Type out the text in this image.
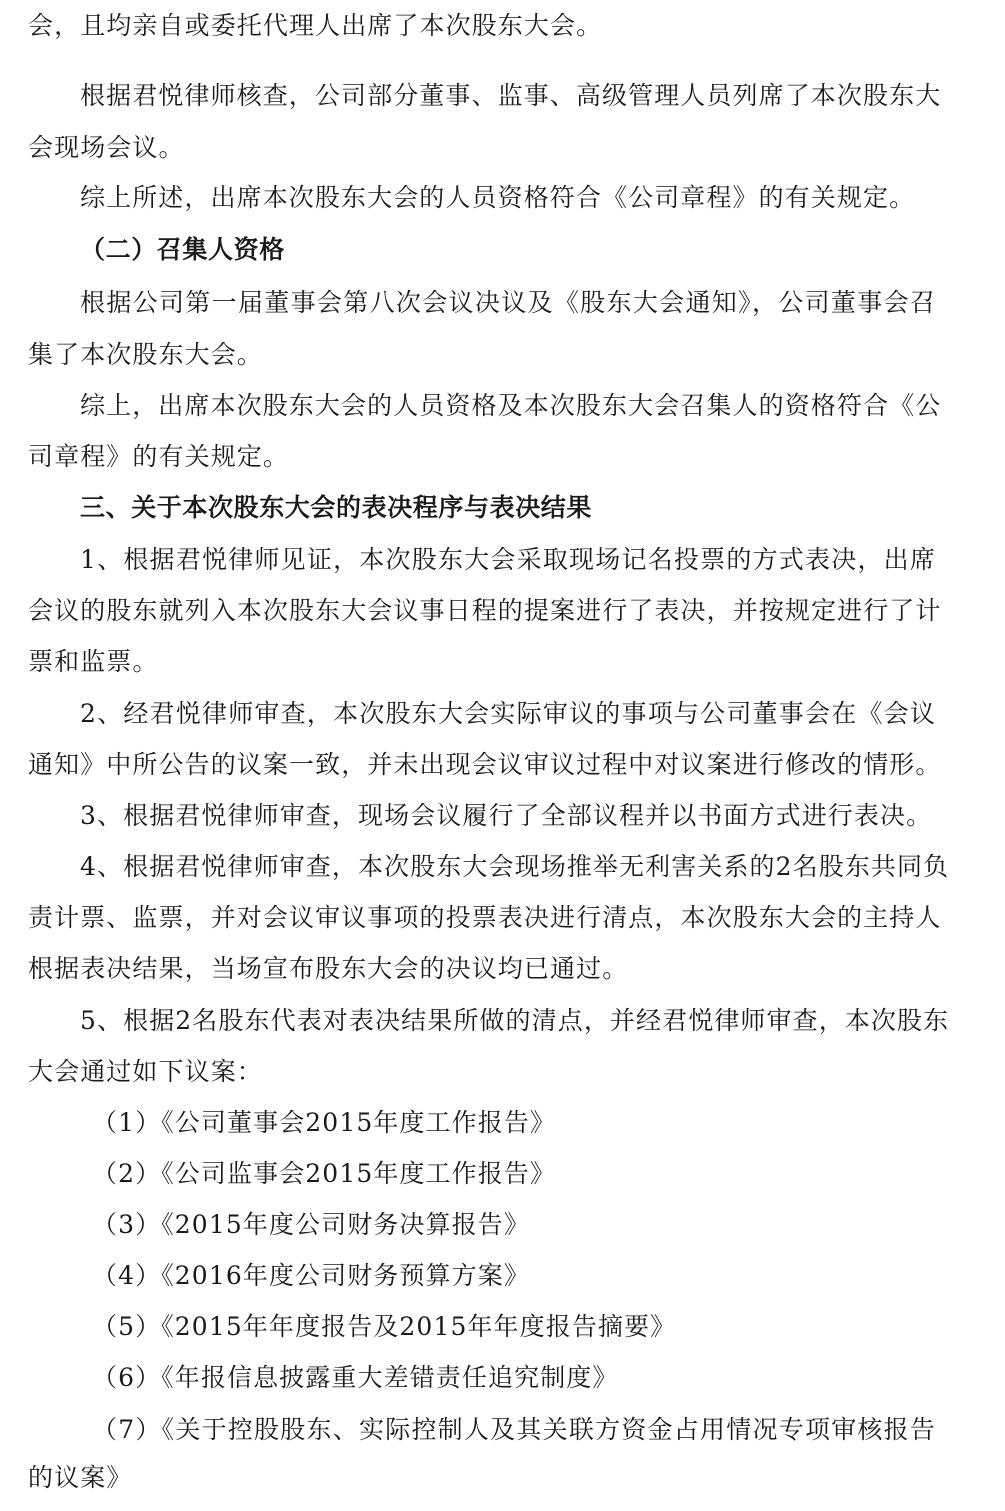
会，且均亲自或委托代理人出席了本次股东大会。
根据君悦律师核查，公司部分董事、监事、高级管理人员列席了本次股东大
会现场会议。
综上所述，出席本次股东大会的人员资格符合《公司章程》的有关规定。
（二）召集人资格
根据公司第一届董事会第八次会议决议及《股东大会通知》，公司董事会召
集了本次股东大会。
综上，出席本次股东大会的人员资格及本次股东大会召集人的资格符合《公
司章程》的有关规定。
三、关于本次股东大会的表决程序与表决结果
1、根据君悦律师见证，本次股东大会采取现场记名投票的方式表决，出席
会议的股东就列入本次股东大会议事日程的提案进行了表决，并按规定进行了计
票和监票。
2、经君悦律师审查，本次股东大会实际审议的事项与公司董事会在《会议
通知》中所公告的议案一致，并未出现会议审议过程中对议案进行修改的情形。
3、根据君悦律师审查，现场会议履行了全部议程并以书面方式进行表决。
4、根据君悦律师审查，本次股东大会现场推举无利害关系的2名股东共同负
责计票、监票，并对会议审议事项的投票表决进行清点，本次股东大会的主持人
根据表决结果，当场宣布股东大会的决议均已通过。
5、根据2名股东代表对表决结果所做的清点，并经君悦律师审查，本次股东
大会通过如下议案：
（1）《公司董事会2015年度工作报告》
（2）《公司监事会2015年度工作报告》
（3）《2015年度公司财务决算报告》
（4）《2016年度公司财务预算方案》
（5）《2015年年度报告及2015年年度报告摘要》
（6）《年报信息披露重大差错责任追究制度》
（7）《关于控股股东、实际控制人及其关联方资金占用情况专项审核报告
的议案》
